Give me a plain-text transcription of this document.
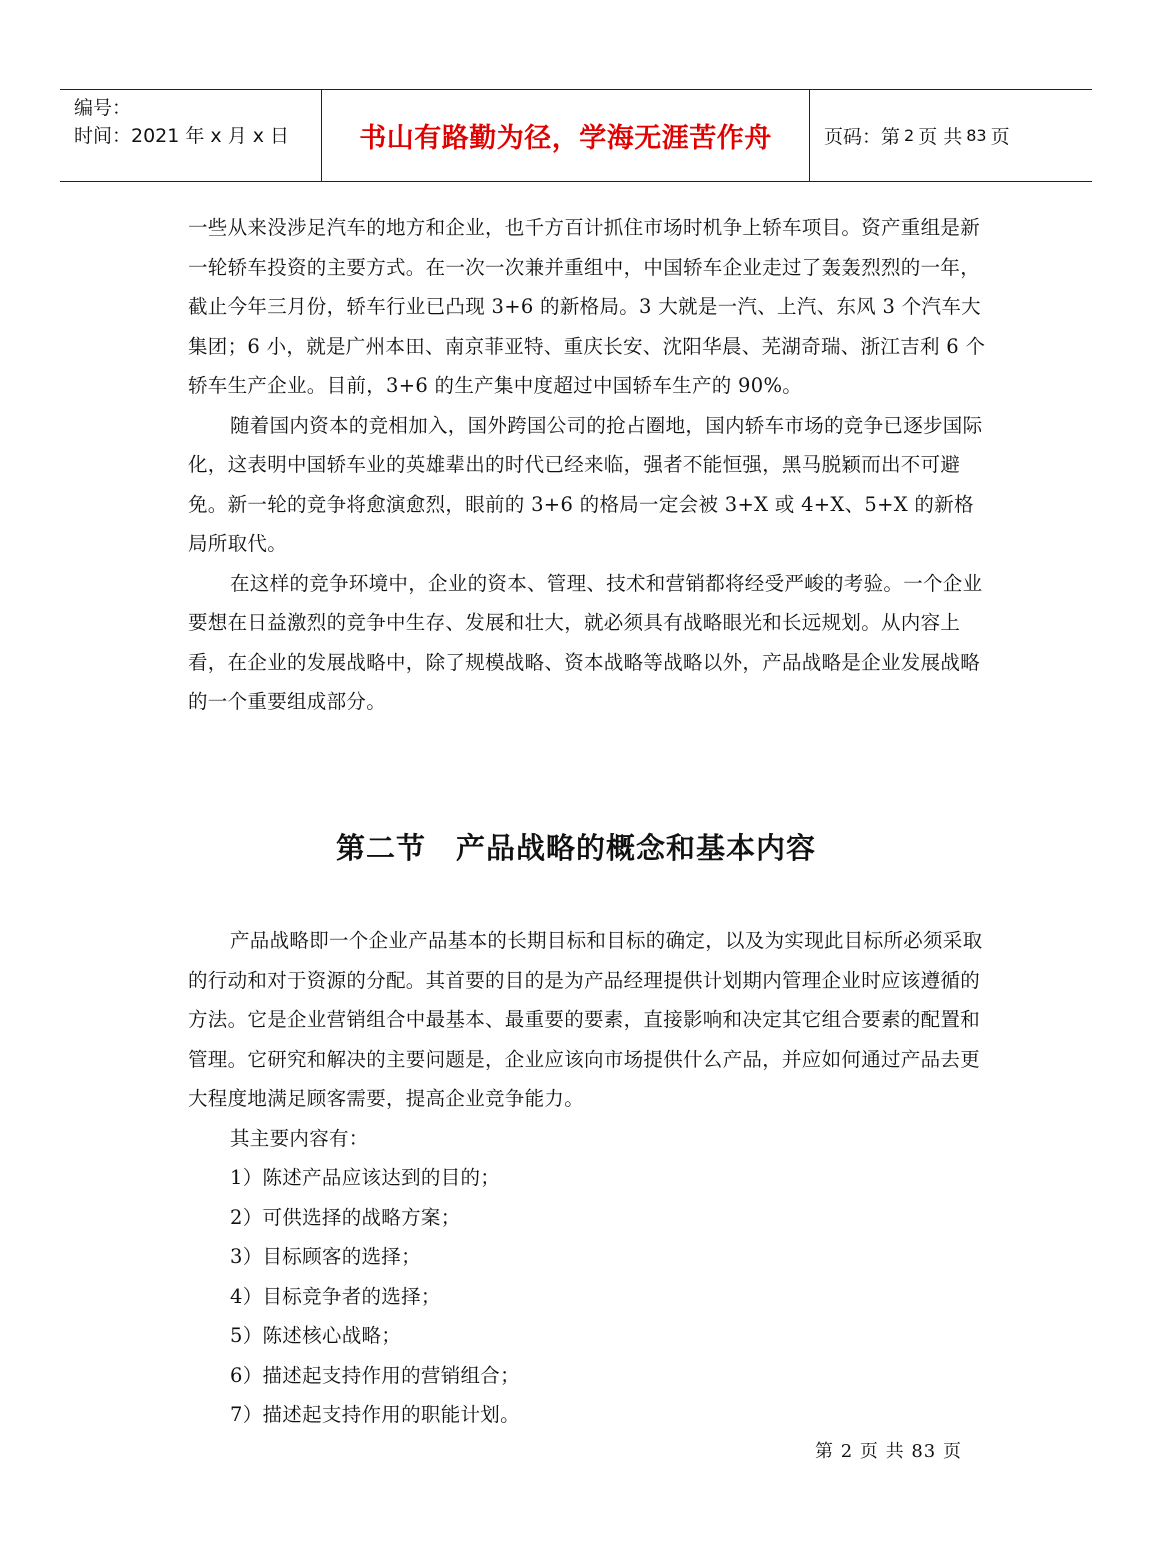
编号：
时间：2021 年 x 月 x 日	书山有路勤为径，学海无涯苦作舟	页码：第 2 页 共 83 页

一些从来没涉足汽车的地方和企业，也千方百计抓住市场时机争上轿车项目。资产重组是新一轮轿车投资的主要方式。在一次一次兼并重组中，中国轿车企业走过了轰轰烈烈的一年，截止今年三月份，轿车行业已凸现 3+6 的新格局。3 大就是一汽、上汽、东风 3 个汽车大集团；6 小，就是广州本田、南京菲亚特、重庆长安、沈阳华晨、芜湖奇瑞、浙江吉利 6 个轿车生产企业。目前，3+6 的生产集中度超过中国轿车生产的 90%。

随着国内资本的竞相加入，国外跨国公司的抢占圈地，国内轿车市场的竞争已逐步国际化，这表明中国轿车业的英雄辈出的时代已经来临，强者不能恒强，黑马脱颖而出不可避免。新一轮的竞争将愈演愈烈，眼前的 3+6 的格局一定会被 3+X 或 4+X、5+X 的新格局所取代。

在这样的竞争环境中，企业的资本、管理、技术和营销都将经受严峻的考验。一个企业要想在日益激烈的竞争中生存、发展和壮大，就必须具有战略眼光和长远规划。从内容上看，在企业的发展战略中，除了规模战略、资本战略等战略以外，产品战略是企业发展战略的一个重要组成部分。

第二节　产品战略的概念和基本内容

产品战略即一个企业产品基本的长期目标和目标的确定，以及为实现此目标所必须采取的行动和对于资源的分配。其首要的目的是为产品经理提供计划期内管理企业时应该遵循的方法。它是企业营销组合中最基本、最重要的要素，直接影响和决定其它组合要素的配置和管理。它研究和解决的主要问题是，企业应该向市场提供什么产品，并应如何通过产品去更大程度地满足顾客需要，提高企业竞争能力。

其主要内容有：

1）陈述产品应该达到的目的；

2）可供选择的战略方案；

3）目标顾客的选择；

4）目标竞争者的选择；

5）陈述核心战略；

6）描述起支持作用的营销组合；

7）描述起支持作用的职能计划。

第 2 页 共 83 页
